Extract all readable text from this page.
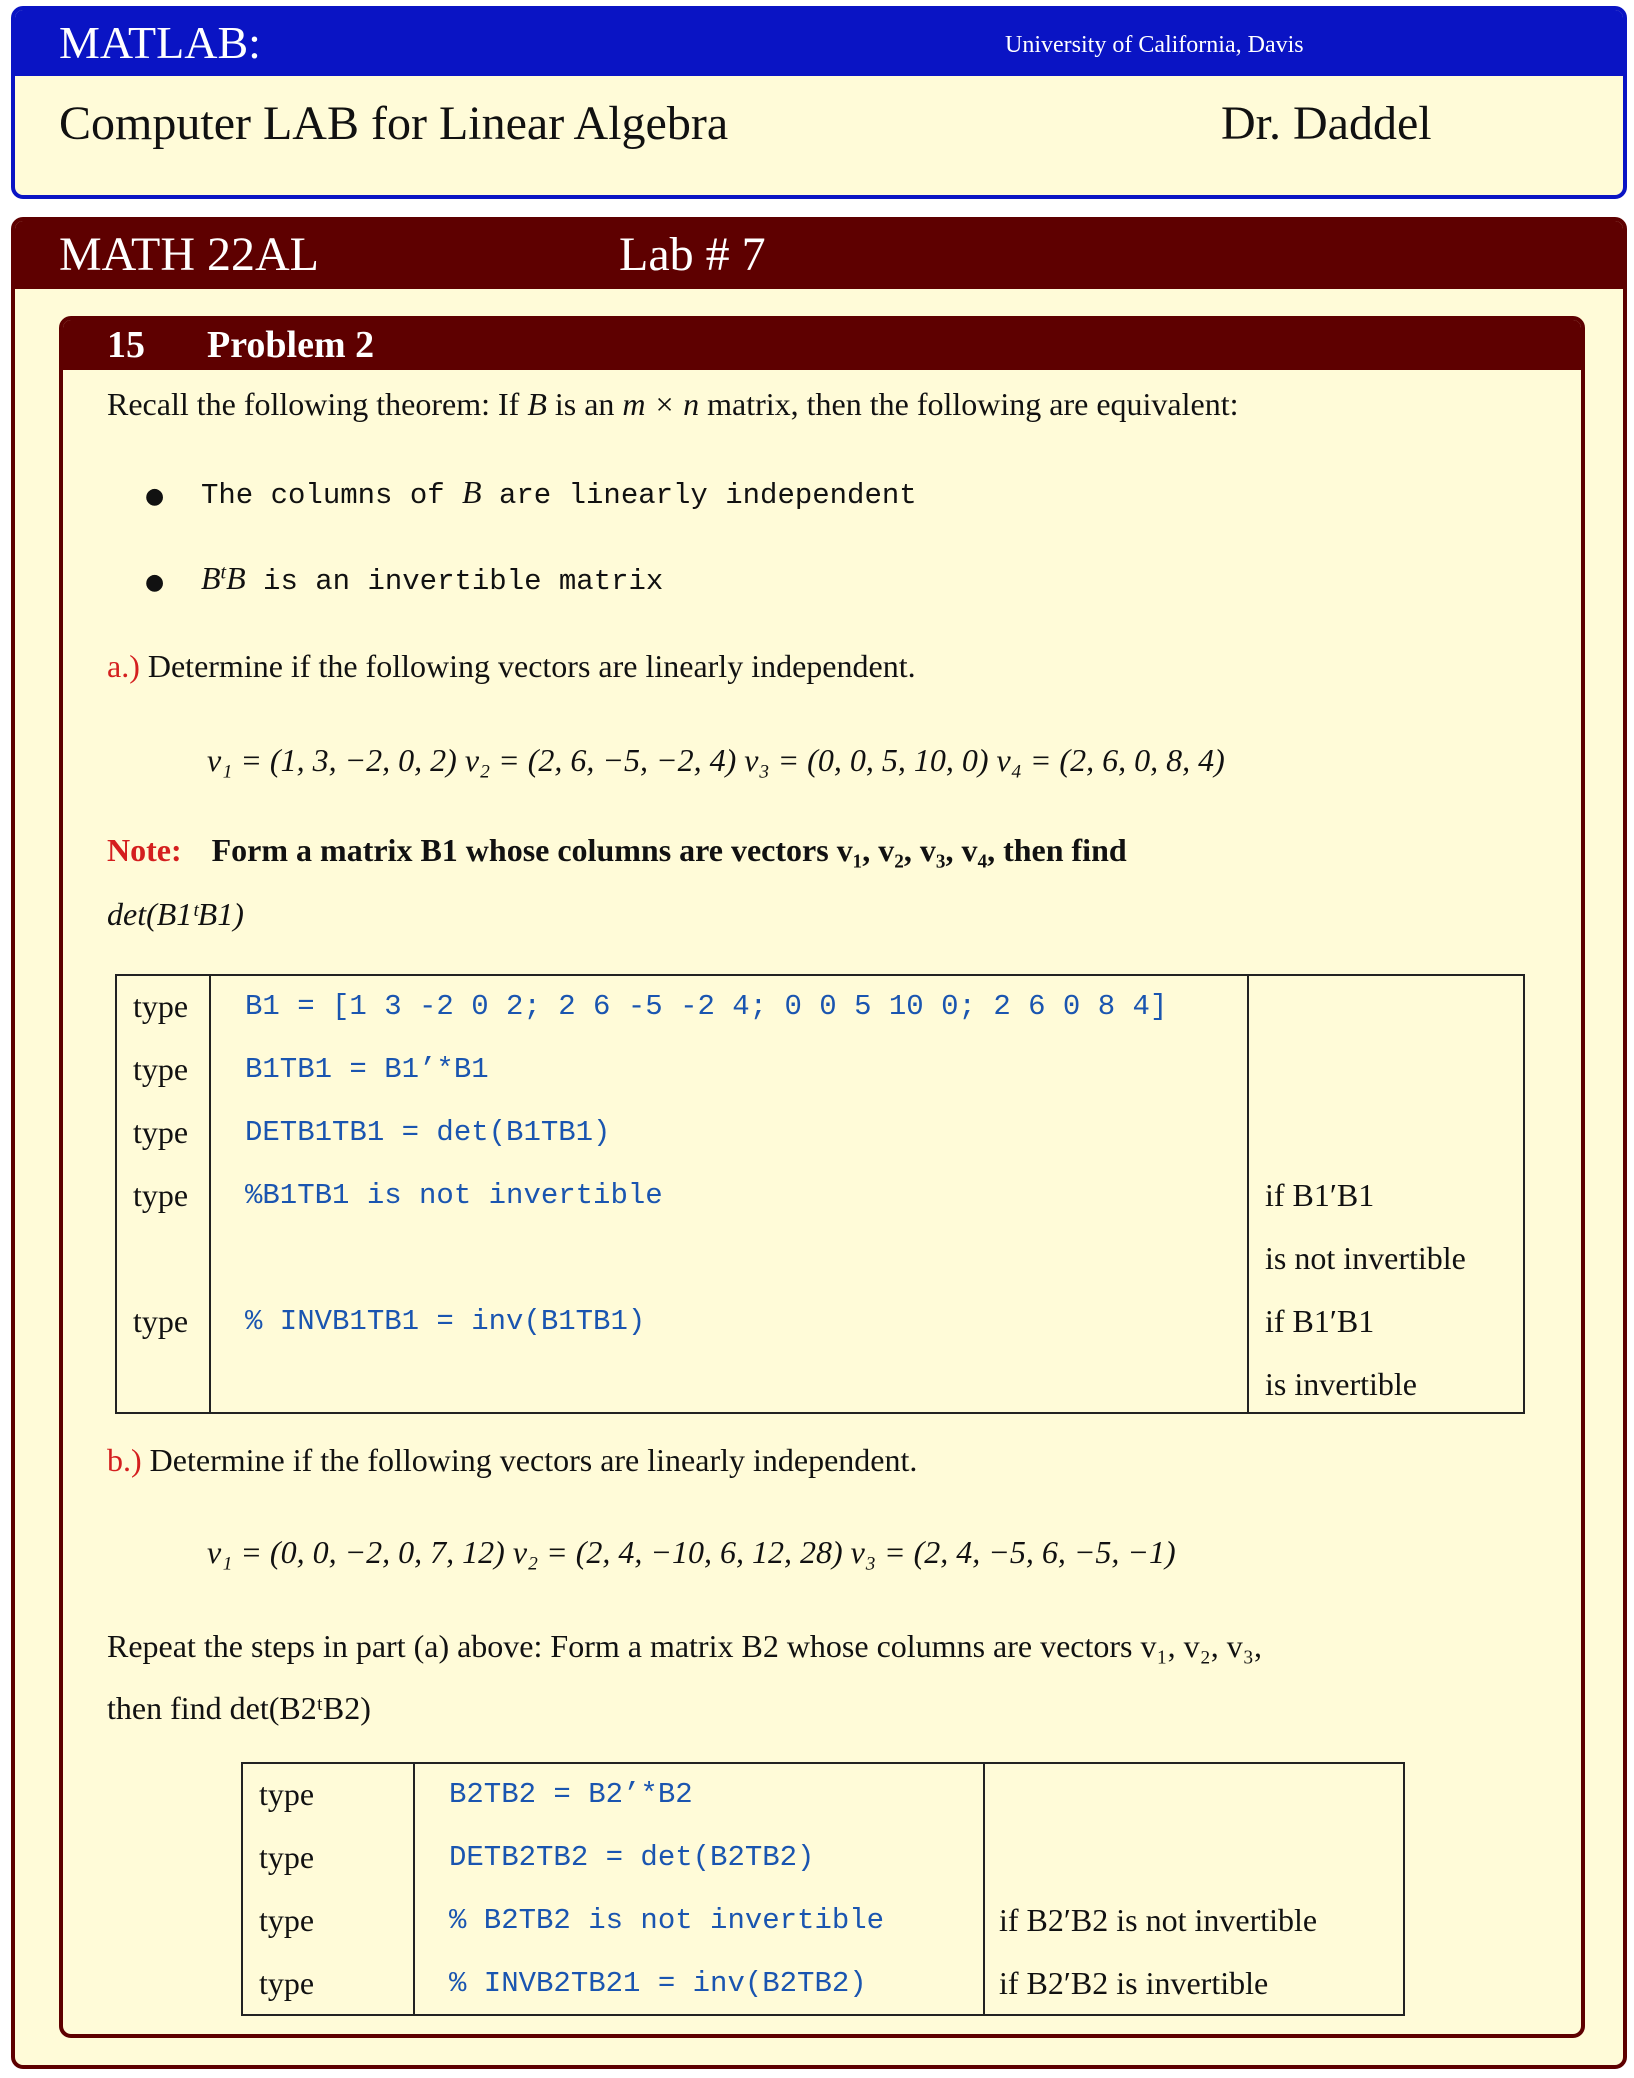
MATLAB:	University of California, Davis
Computer LAB for Linear Algebra	Dr. Daddel
MATH 22AL	Lab # 7
15 Problem 2
Recall the following theorem: If B is an m × n matrix, then the following are equivalent:
● The columns of B are linearly independent
● $B^tB$ is an invertible matrix
a.) Determine if the following vectors are linearly independent.
v₁ = (1, 3, −2, 0, 2) v₂ = (2, 6, −5, −2, 4) v₃ = (0, 0, 5, 10, 0) v₄ = (2, 6, 0, 8, 4)
Note: Form a matrix B1 whose columns are vectors v₁, v₂, v₃, v₄, then find
det(B1ᵗB1)
type B1 = [1 3 -2 0 2; 2 6 -5 -2 4; 0 0 5 10 0; 2 6 0 8 4]
type B1TB1 = B1’*B1
type DETB1TB1 = det(B1TB1)
type %B1TB1 is not invertible	if B1′B1
is not invertible
type % INVB1TB1 = inv(B1TB1)	if B1′B1
is invertible
b.) Determine if the following vectors are linearly independent.
v₁ = (0, 0, −2, 0, 7, 12) v₂ = (2, 4, −10, 6, 12, 28) v₃ = (2, 4, −5, 6, −5, −1)
Repeat the steps in part (a) above: Form a matrix B2 whose columns are vectors v₁, v₂, v₃,
then find det(B2ᵗB2)
type	B2TB2 = B2’*B2
type	DETB2TB2 = det(B2TB2)
type	% B2TB2 is not invertible	if B2′B2 is not invertible
type	% INVB2TB21 = inv(B2TB2)	if B2′B2 is invertible
